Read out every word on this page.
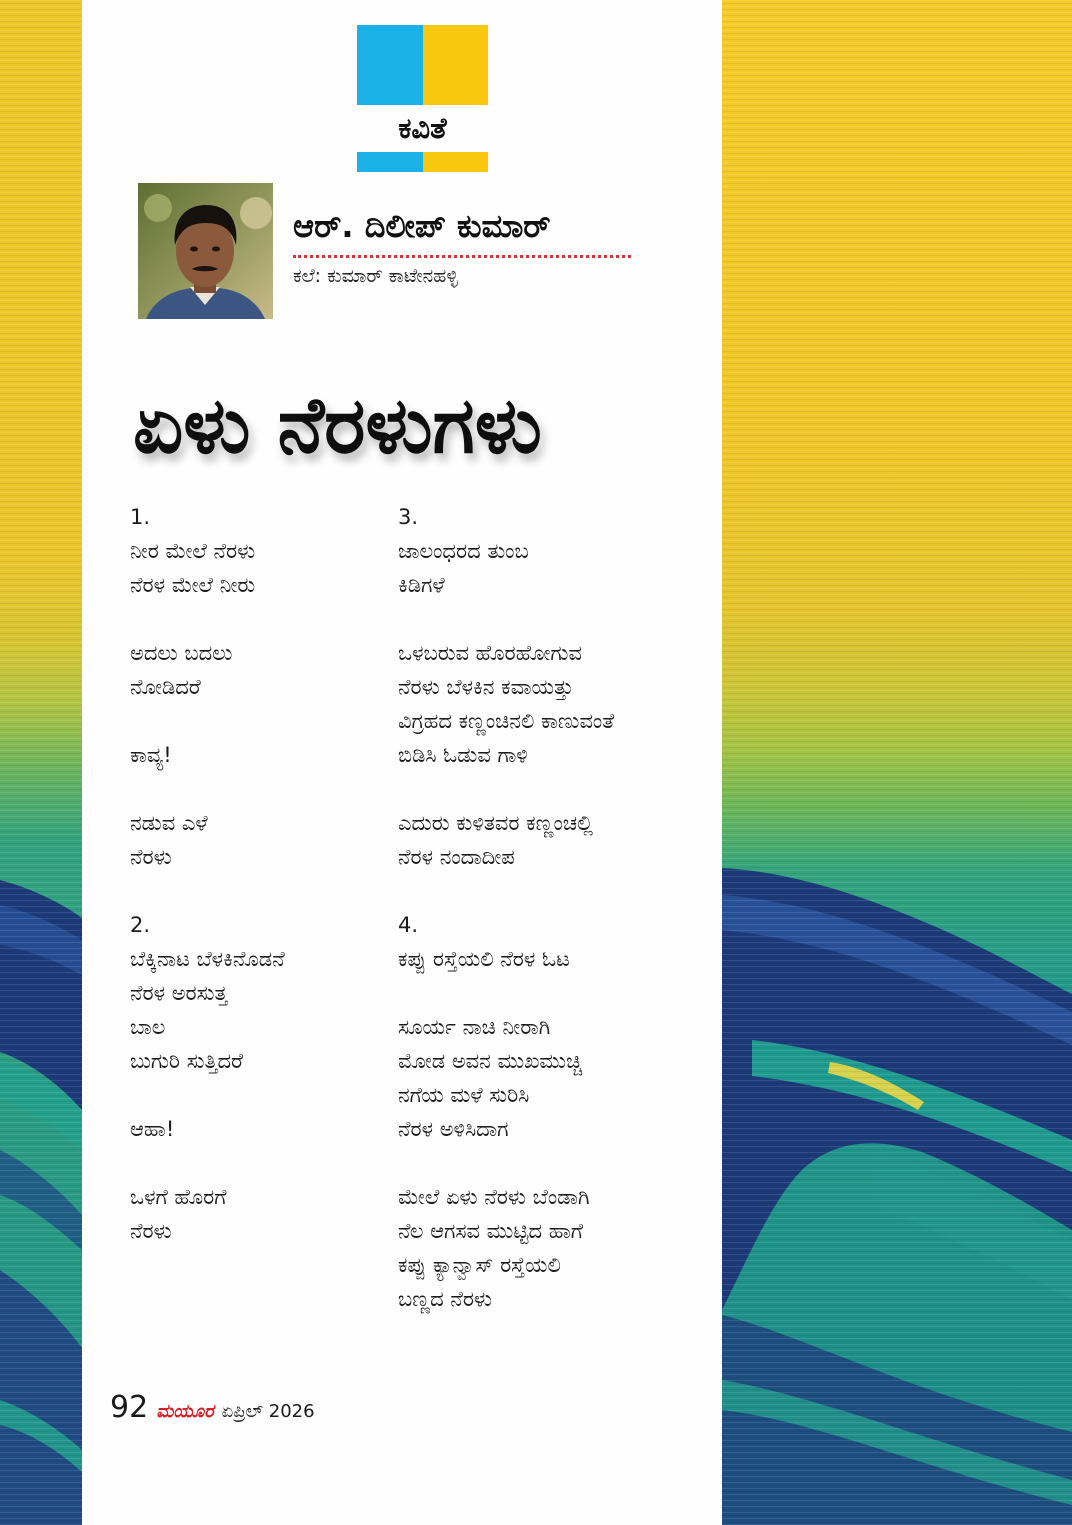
ಕವಿತೆ
ಆರ್. ದಿಲೀಪ್ ಕುಮಾರ್
ಕಲೆ: ಕುಮಾರ್ ಕಾಟೇನಹಳ್ಳಿ
ಏಳು ನೆರಳುಗಳು
1.
ನೀರ ಮೇಲೆ ನೆರಳು
ನೆರಳ ಮೇಲೆ ನೀರು
ಅದಲು ಬದಲು
ನೋಡಿದರೆ
ಕಾವ್ಯ!
ನಡುವ ಎಳೆ
ನೆರಳು
2.
ಬೆಕ್ಕಿನಾಟ ಬೆಳಕಿನೊಡನೆ
ನೆರಳ ಅರಸುತ್ತ
ಬಾಲ
ಬುಗುರಿ ಸುತ್ತಿದರೆ
ಆಹಾ!
ಒಳಗೆ ಹೊರಗೆ
ನೆರಳು
3.
ಜಾಲಂಧರದ ತುಂಬ
ಕಿಡಿಗಳೆ
ಒಳಬರುವ ಹೊರಹೋಗುವ
ನೆರಳು ಬೆಳಕಿನ ಕವಾಯತ್ತು
ವಿಗ್ರಹದ ಕಣ್ಣಂಚಿನಲಿ ಕಾಣುವಂತೆ
ಬಿಡಿಸಿ ಓಡುವ ಗಾಳಿ
ಎದುರು ಕುಳಿತವರ ಕಣ್ಣಂಚಲ್ಲಿ
ನೆರಳ ನಂದಾದೀಪ
4.
ಕಪ್ಪು ರಸ್ತೆಯಲಿ ನೆರಳ ಓಟ
ಸೂರ್ಯ ನಾಚಿ ನೀರಾಗಿ
ಮೋಡ ಅವನ ಮುಖಮುಚ್ಚಿ
ನಗೆಯ ಮಳೆ ಸುರಿಸಿ
ನೆರಳ ಅಳಿಸಿದಾಗ
ಮೇಲೆ ಏಳು ನೆರಳು ಬೆಂಡಾಗಿ
ನೆಲ ಆಗಸವ ಮುಟ್ಟಿದ ಹಾಗೆ
ಕಪ್ಪು ಕ್ಯಾನ್ವಾಸ್ ರಸ್ತೆಯಲಿ
ಬಣ್ಣದ ನೆರಳು
92 ಮಯೂರ ಏಪ್ರಿಲ್ 2026
